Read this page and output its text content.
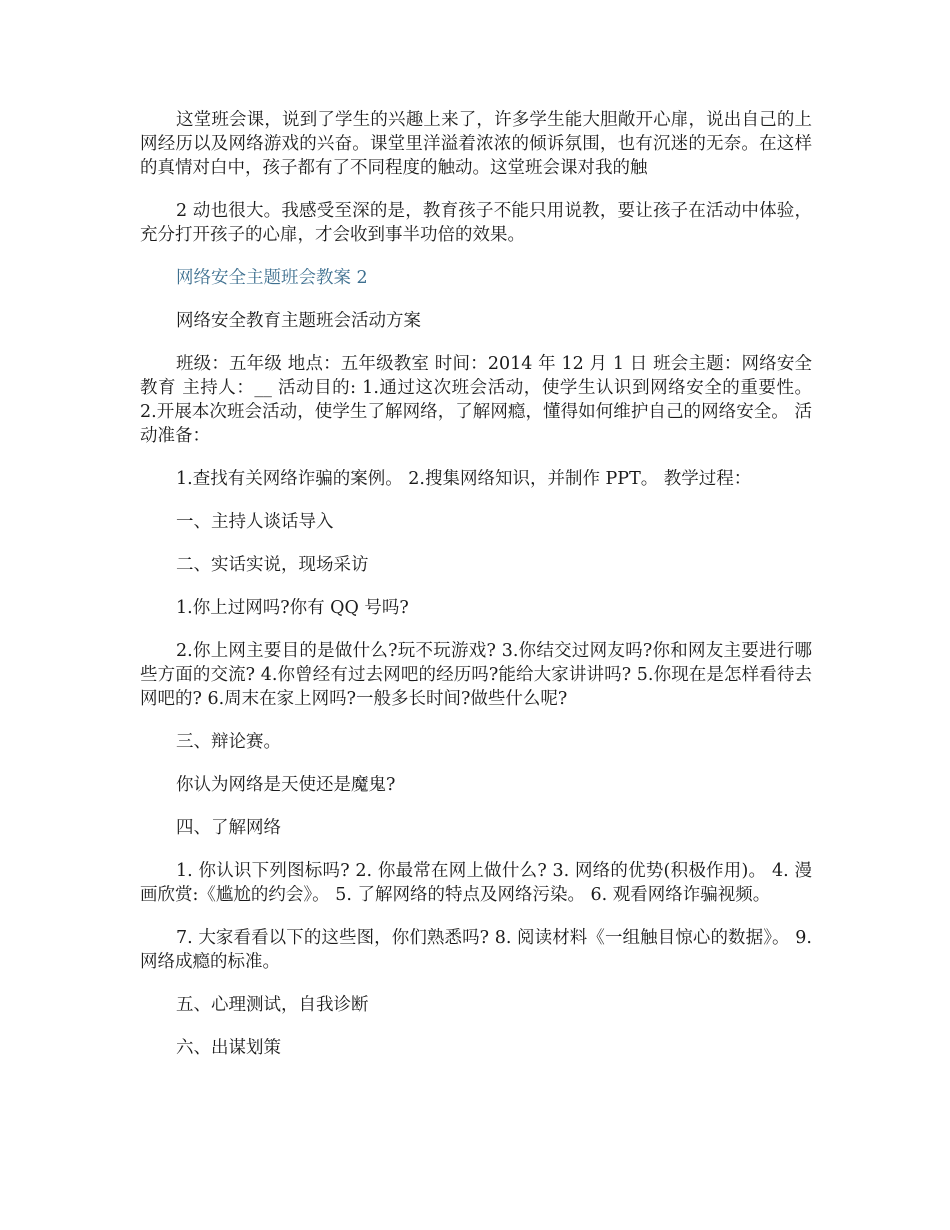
这堂班会课，说到了学生的兴趣上来了，许多学生能大胆敞开心扉，说出自己的上网经历以及网络游戏的兴奋。课堂里洋溢着浓浓的倾诉氛围，也有沉迷的无奈。在这样的真情对白中，孩子都有了不同程度的触动。这堂班会课对我的触

2 动也很大。我感受至深的是，教育孩子不能只用说教，要让孩子在活动中体验，充分打开孩子的心扉，才会收到事半功倍的效果。

网络安全主题班会教案 2

网络安全教育主题班会活动方案

班级：五年级 地点：五年级教室 时间：2014 年 12 月 1 日 班会主题：网络安全教育 主持人：__ 活动目的: 1.通过这次班会活动，使学生认识到网络安全的重要性。 2.开展本次班会活动，使学生了解网络，了解网瘾，懂得如何维护自己的网络安全。 活动准备：

1.查找有关网络诈骗的案例。 2.搜集网络知识，并制作 PPT。 教学过程：

一、主持人谈话导入

二、实话实说，现场采访

1.你上过网吗?你有 QQ 号吗?

2.你上网主要目的是做什么?玩不玩游戏? 3.你结交过网友吗?你和网友主要进行哪些方面的交流? 4.你曾经有过去网吧的经历吗?能给大家讲讲吗? 5.你现在是怎样看待去网吧的? 6.周末在家上网吗?一般多长时间?做些什么呢?

三、辩论赛。

你认为网络是天使还是魔鬼?

四、了解网络

1. 你认识下列图标吗? 2. 你最常在网上做什么? 3. 网络的优势(积极作用)。 4. 漫画欣赏:《尴尬的约会》。 5. 了解网络的特点及网络污染。 6. 观看网络诈骗视频。

7. 大家看看以下的这些图，你们熟悉吗? 8. 阅读材料《一组触目惊心的数据》。 9. 网络成瘾的标准。

五、心理测试，自我诊断

六、出谋划策
